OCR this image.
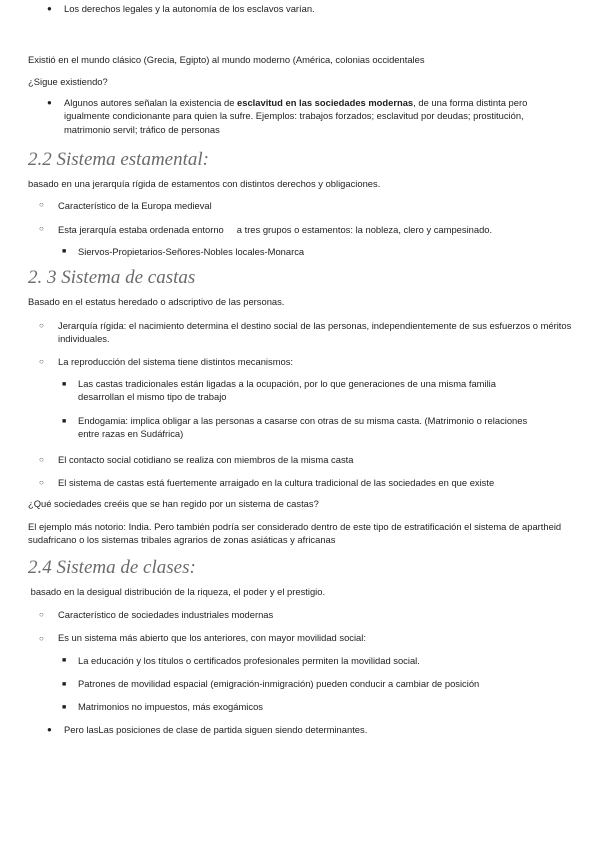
● Los derechos legales y la autonomía de los esclavos varían.

Existió en el mundo clásico (Grecia, Egipto) al mundo moderno (América, colonias occidentales

¿Sigue existiendo?

● Algunos autores señalan la existencia de esclavitud en las sociedades modernas, de una forma distinta pero igualmente condicionante para quien la sufre. Ejemplos: trabajos forzados; esclavitud por deudas; prostitución, matrimonio servil; tráfico de personas

2.2 Sistema estamental:

basado en una jerarquía rígida de estamentos con distintos derechos y obligaciones.

○ Característico de la Europa medieval

○ Esta jerarquía estaba ordenada entorno     a tres grupos o estamentos: la nobleza, clero y campesinado.

■ Siervos-Propietarios-Señores-Nobles locales-Monarca

2. 3 Sistema de castas

Basado en el estatus heredado o adscriptivo de las personas.

○ Jerarquía rígida: el nacimiento determina el destino social de las personas, independientemente de sus esfuerzos o méritos individuales.

○ La reproducción del sistema tiene distintos mecanismos:

■ Las castas tradicionales están ligadas a la ocupación, por lo que generaciones de una misma familia desarrollan el mismo tipo de trabajo

■ Endogamia: implica obligar a las personas a casarse con otras de su misma casta. (Matrimonio o relaciones entre razas en Sudáfrica)

○ El contacto social cotidiano se realiza con miembros de la misma casta

○ El sistema de castas está fuertemente arraigado en la cultura tradicional de las sociedades en que existe

¿Qué sociedades creéis que se han regido por un sistema de castas?

El ejemplo más notorio: India. Pero también podría ser considerado dentro de este tipo de estratificación el sistema de apartheid sudafricano o los sistemas tribales agrarios de zonas asiáticas y africanas

2.4 Sistema de clases:

basado en la desigual distribución de la riqueza, el poder y el prestigio.

○ Característico de sociedades industriales modernas

○ Es un sistema más abierto que los anteriores, con mayor movilidad social:

■ La educación y los títulos o certificados profesionales permiten la movilidad social.

■ Patrones de movilidad espacial (emigración-inmigración) pueden conducir a cambiar de posición

■ Matrimonios no impuestos, más exogámicos

● Pero lasLas posiciones de clase de partida siguen siendo determinantes.
